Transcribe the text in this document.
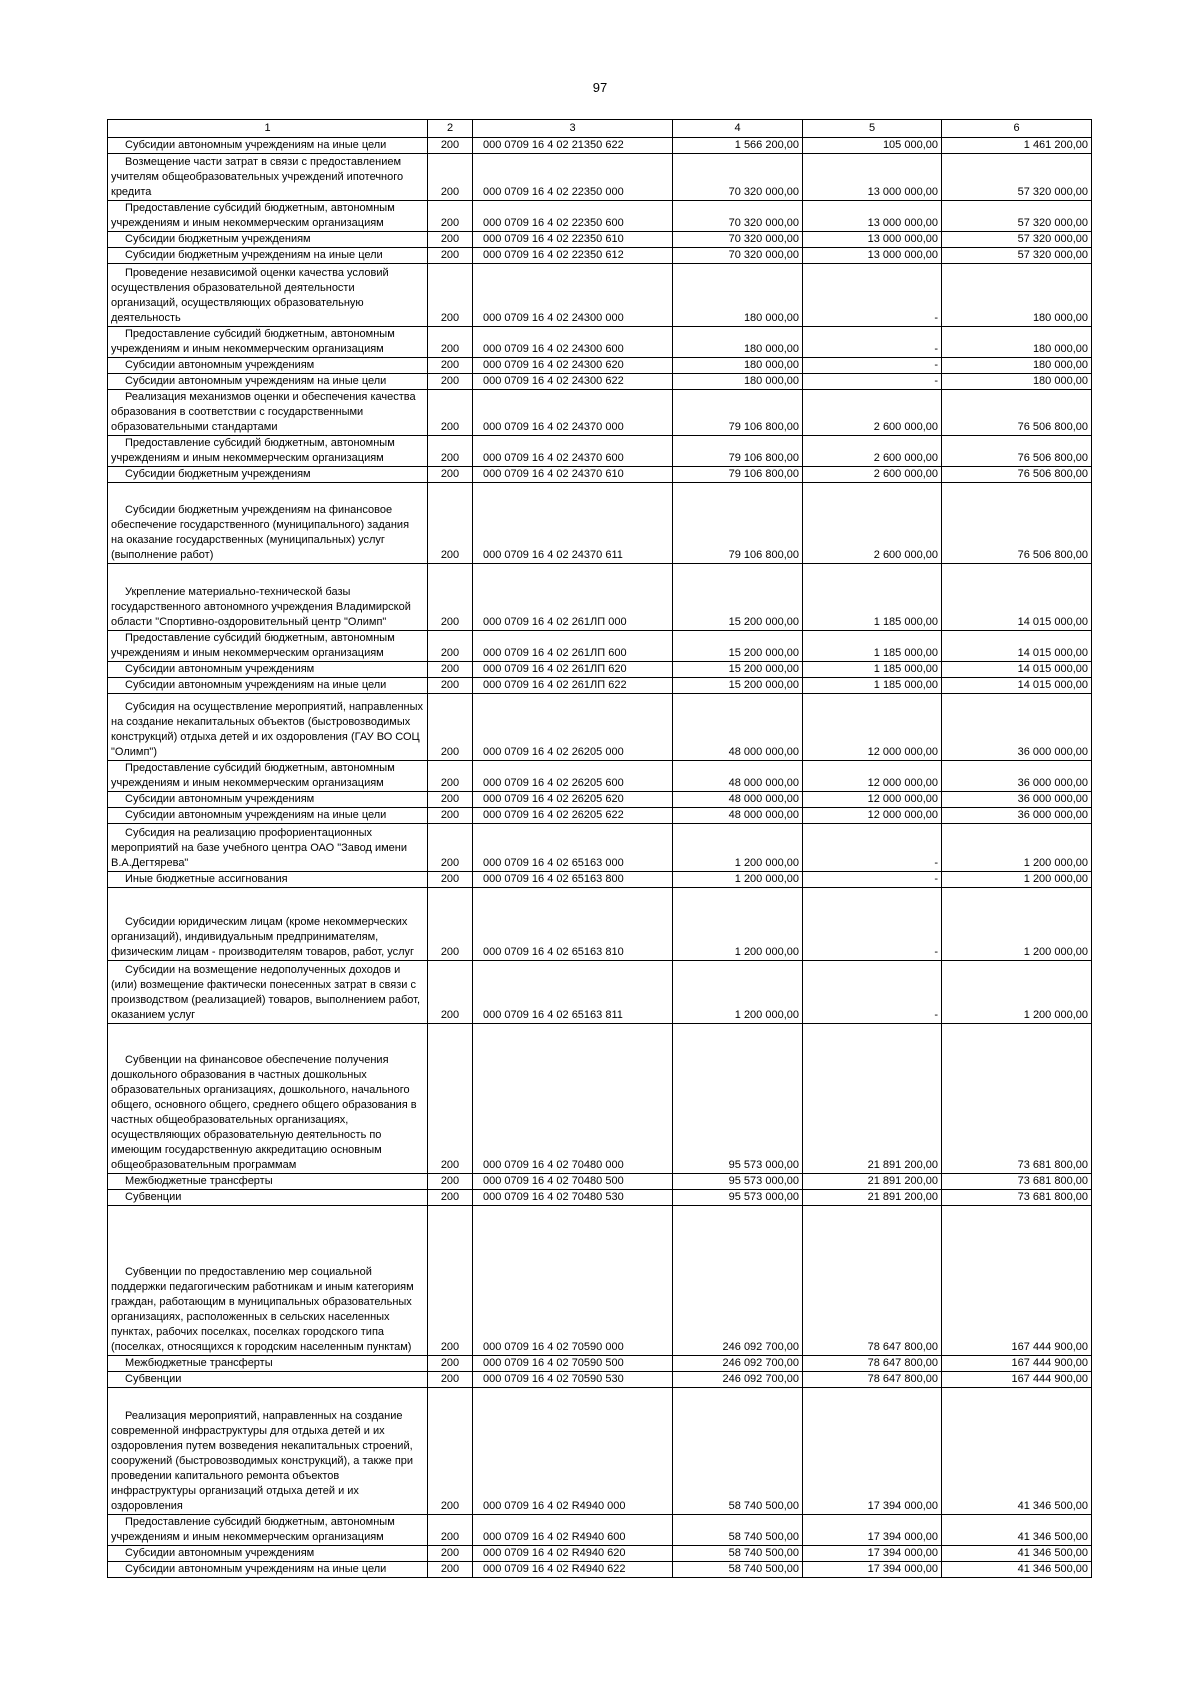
97
1	2	3	4	5	6

Субсидии автономным учреждениям на иные цели	200	000 0709 16 4 02 21350 622	1 566 200,00	105 000,00	1 461 200,00

Возмещение части затрат в связи с предоставлением учителям общеобразовательных учреждений ипотечного кредита	200	000 0709 16 4 02 22350 000	70 320 000,00	13 000 000,00	57 320 000,00

Предоставление субсидий бюджетным, автономным учреждениям и иным некоммерческим организациям	200	000 0709 16 4 02 22350 600	70 320 000,00	13 000 000,00	57 320 000,00

Субсидии бюджетным учреждениям	200	000 0709 16 4 02 22350 610	70 320 000,00	13 000 000,00	57 320 000,00

Субсидии бюджетным учреждениям на иные цели	200	000 0709 16 4 02 22350 612	70 320 000,00	13 000 000,00	57 320 000,00

Проведение независимой оценки качества условий осуществления образовательной деятельности организаций, осуществляющих образовательную деятельность	200	000 0709 16 4 02 24300 000	180 000,00	-	180 000,00

Предоставление субсидий бюджетным, автономным учреждениям и иным некоммерческим организациям	200	000 0709 16 4 02 24300 600	180 000,00	-	180 000,00

Субсидии автономным учреждениям	200	000 0709 16 4 02 24300 620	180 000,00	-	180 000,00

Субсидии автономным учреждениям на иные цели	200	000 0709 16 4 02 24300 622	180 000,00	-	180 000,00

Реализация механизмов оценки и обеспечения качества образования в соответствии с государственными образовательными стандартами	200	000 0709 16 4 02 24370 000	79 106 800,00	2 600 000,00	76 506 800,00

Предоставление субсидий бюджетным, автономным учреждениям и иным некоммерческим организациям	200	000 0709 16 4 02 24370 600	79 106 800,00	2 600 000,00	76 506 800,00

Субсидии бюджетным учреждениям	200	000 0709 16 4 02 24370 610	79 106 800,00	2 600 000,00	76 506 800,00

Субсидии бюджетным учреждениям на финансовое обеспечение государственного (муниципального) задания на оказание государственных (муниципальных) услуг (выполнение работ)	200	000 0709 16 4 02 24370 611	79 106 800,00	2 600 000,00	76 506 800,00

Укрепление материально-технической базы государственного автономного учреждения Владимирской области "Спортивно-оздоровительный центр "Олимп"	200	000 0709 16 4 02 261ЛП 000	15 200 000,00	1 185 000,00	14 015 000,00

Предоставление субсидий бюджетным, автономным учреждениям и иным некоммерческим организациям	200	000 0709 16 4 02 261ЛП 600	15 200 000,00	1 185 000,00	14 015 000,00

Субсидии автономным учреждениям	200	000 0709 16 4 02 261ЛП 620	15 200 000,00	1 185 000,00	14 015 000,00

Субсидии автономным учреждениям на иные цели	200	000 0709 16 4 02 261ЛП 622	15 200 000,00	1 185 000,00	14 015 000,00

Субсидия на осуществление мероприятий, направленных на создание некапитальных объектов (быстровозводимых конструкций) отдыха детей и их оздоровления (ГАУ ВО СОЦ "Олимп")	200	000 0709 16 4 02 26205 000	48 000 000,00	12 000 000,00	36 000 000,00

Предоставление субсидий бюджетным, автономным учреждениям и иным некоммерческим организациям	200	000 0709 16 4 02 26205 600	48 000 000,00	12 000 000,00	36 000 000,00

Субсидии автономным учреждениям	200	000 0709 16 4 02 26205 620	48 000 000,00	12 000 000,00	36 000 000,00

Субсидии автономным учреждениям на иные цели	200	000 0709 16 4 02 26205 622	48 000 000,00	12 000 000,00	36 000 000,00

Субсидия на реализацию профориентационных мероприятий на базе учебного центра ОАО "Завод имени В.А.Дегтярева"	200	000 0709 16 4 02 65163 000	1 200 000,00	-	1 200 000,00

Иные бюджетные ассигнования	200	000 0709 16 4 02 65163 800	1 200 000,00	-	1 200 000,00

Субсидии юридическим лицам (кроме некоммерческих организаций), индивидуальным предпринимателям, физическим лицам - производителям товаров, работ, услуг	200	000 0709 16 4 02 65163 810	1 200 000,00	-	1 200 000,00

Субсидии на возмещение недополученных доходов и (или) возмещение фактически понесенных затрат в связи с производством (реализацией) товаров, выполнением работ, оказанием услуг	200	000 0709 16 4 02 65163 811	1 200 000,00	-	1 200 000,00

Субвенции на финансовое обеспечение получения дошкольного образования в частных дошкольных образовательных организациях, дошкольного, начального общего, основного общего, среднего общего образования в частных общеобразовательных организациях, осуществляющих образовательную деятельность по имеющим государственную аккредитацию основным общеобразовательным программам	200	000 0709 16 4 02 70480 000	95 573 000,00	21 891 200,00	73 681 800,00

Межбюджетные трансферты	200	000 0709 16 4 02 70480 500	95 573 000,00	21 891 200,00	73 681 800,00

Субвенции	200	000 0709 16 4 02 70480 530	95 573 000,00	21 891 200,00	73 681 800,00

Субвенции по предоставлению мер социальной поддержки педагогическим работникам и иным категориям граждан, работающим в муниципальных образовательных организациях, расположенных в сельских населенных пунктах, рабочих поселках, поселках городского типа (поселках, относящихся к городским населенным пунктам)	200	000 0709 16 4 02 70590 000	246 092 700,00	78 647 800,00	167 444 900,00

Межбюджетные трансферты	200	000 0709 16 4 02 70590 500	246 092 700,00	78 647 800,00	167 444 900,00

Субвенции	200	000 0709 16 4 02 70590 530	246 092 700,00	78 647 800,00	167 444 900,00

Реализация мероприятий, направленных на создание современной инфраструктуры для отдыха детей и их оздоровления путем возведения некапитальных строений, сооружений (быстровозводимых конструкций), а также при проведении капитального ремонта объектов инфраструктуры организаций отдыха детей и их оздоровления	200	000 0709 16 4 02 R4940 000	58 740 500,00	17 394 000,00	41 346 500,00

Предоставление субсидий бюджетным, автономным учреждениям и иным некоммерческим организациям	200	000 0709 16 4 02 R4940 600	58 740 500,00	17 394 000,00	41 346 500,00

Субсидии автономным учреждениям	200	000 0709 16 4 02 R4940 620	58 740 500,00	17 394 000,00	41 346 500,00

Субсидии автономным учреждениям на иные цели	200	000 0709 16 4 02 R4940 622	58 740 500,00	17 394 000,00	41 346 500,00
